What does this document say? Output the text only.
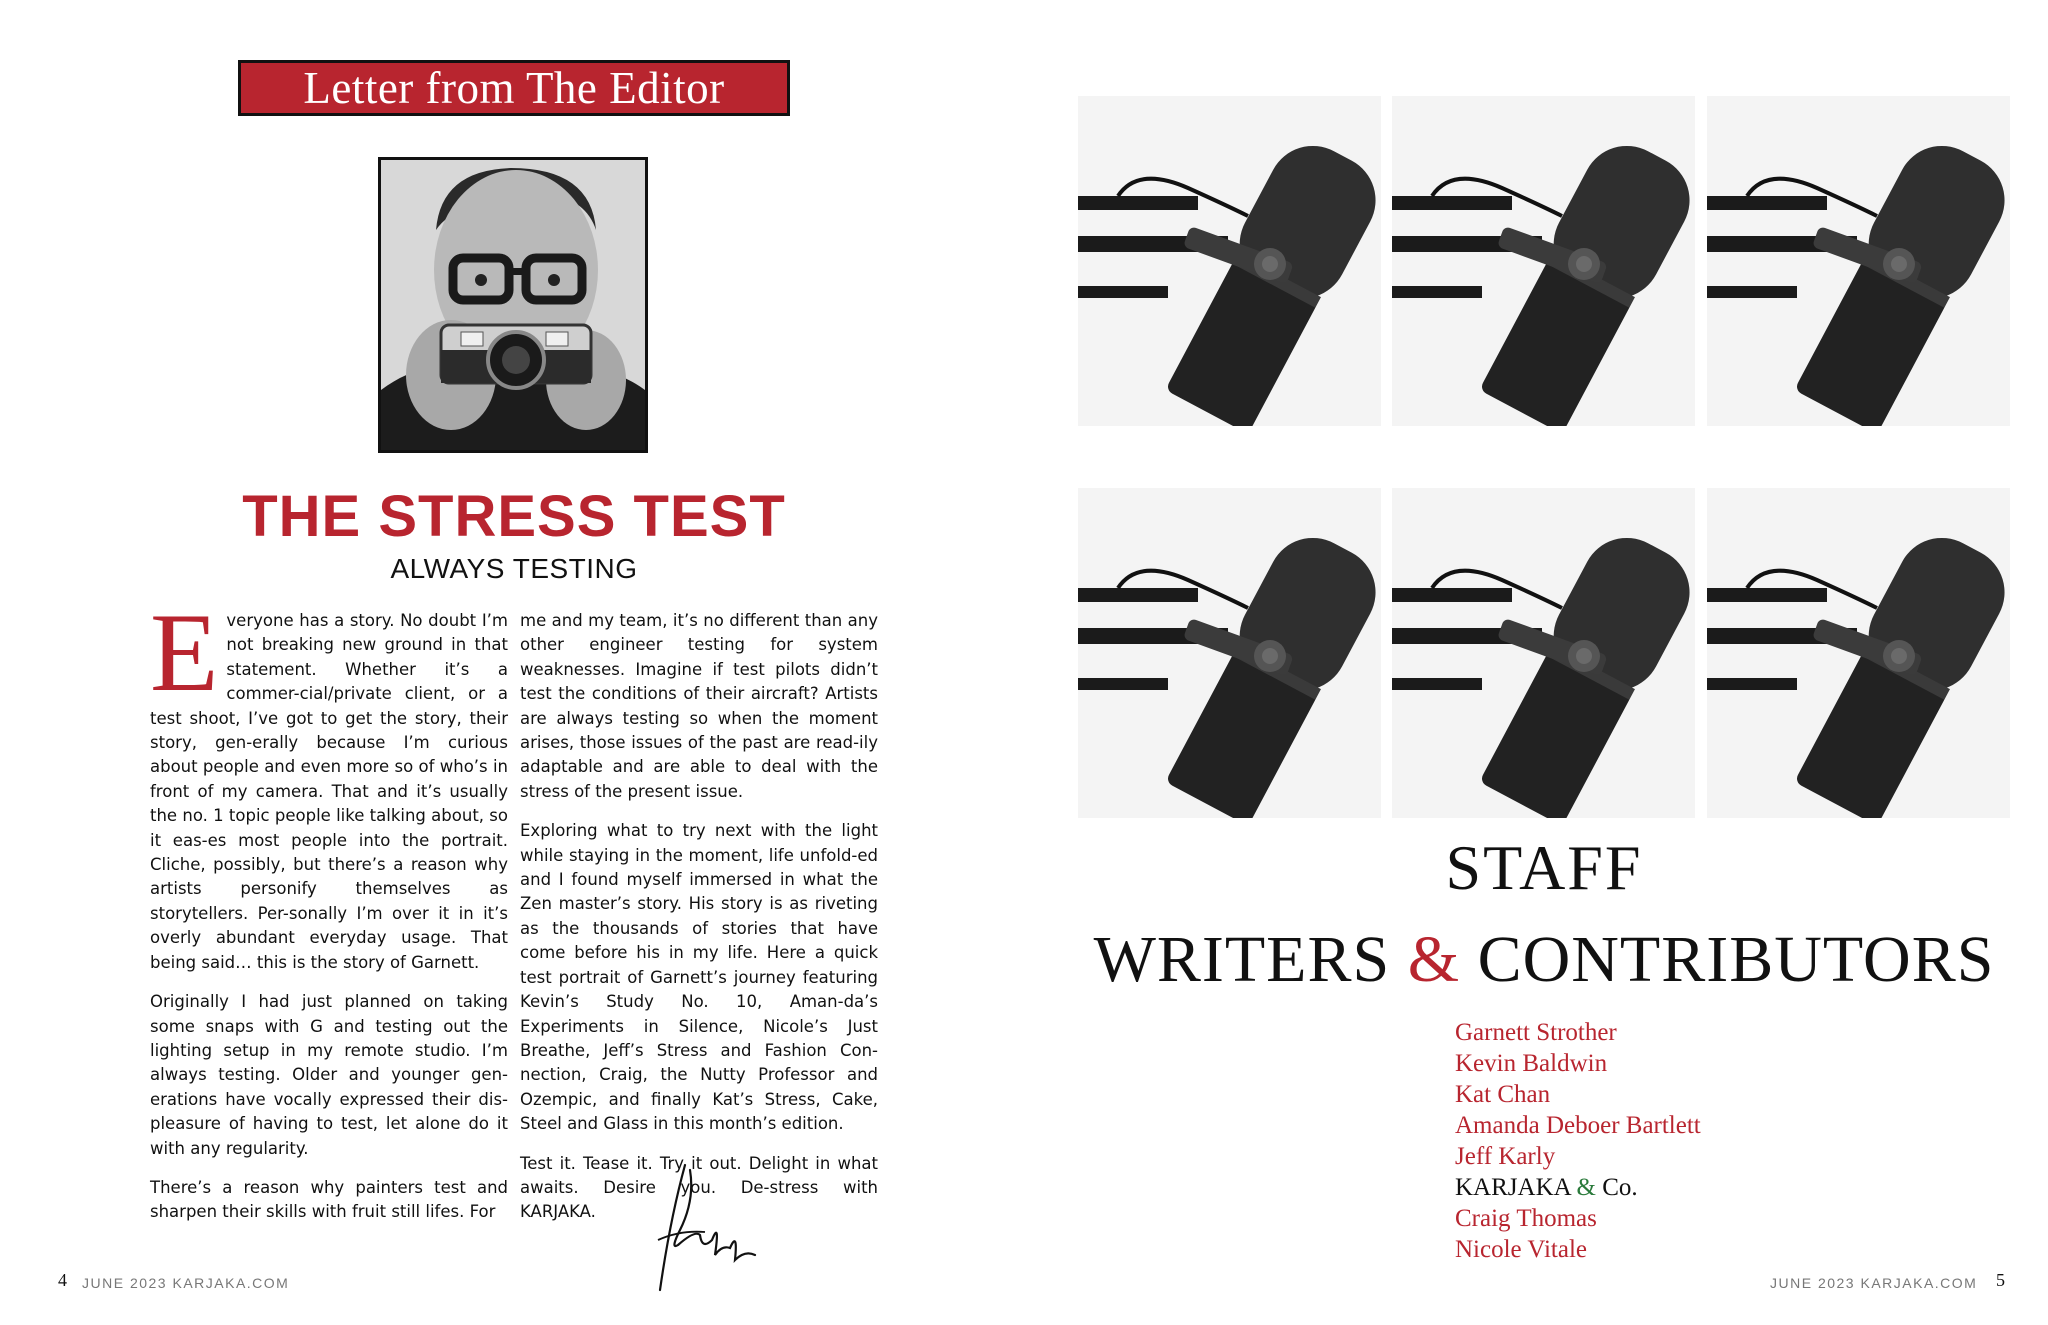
Letter from The Editor
THE STRESS TEST
ALWAYS TESTING

Everyone has a story. No doubt I’m not breaking new ground in that statement. Whether it’s a commer-cial/private client, or a test shoot, I’ve got to get the story, their story, gen-erally because I’m curious about people and even more so of who’s in front of my camera. That and it’s usually the no. 1 topic people like talking about, so it eas-es most people into the portrait. Cliche, possibly, but there’s a reason why artists personify themselves as storytellers. Per-sonally I’m over it in it’s overly abundant everyday usage. That being said… this is the story of Garnett.

Originally I had just planned on taking some snaps with G and testing out the lighting setup in my remote studio. I’m always testing. Older and younger gen-erations have vocally expressed their dis-pleasure of having to test, let alone do it with any regularity.

There’s a reason why painters test and sharpen their skills with fruit still lifes. For

me and my team, it’s no different than any other engineer testing for system weaknesses. Imagine if test pilots didn’t test the conditions of their aircraft? Artists are always testing so when the moment arises, those issues of the past are read-ily adaptable and are able to deal with the stress of the present issue.

Exploring what to try next with the light while staying in the moment, life unfold-ed and I found myself immersed in what the Zen master’s story. His story is as riveting as the thousands of stories that have come before his in my life. Here a quick test portrait of Garnett’s journey featuring Kevin’s Study No. 10, Aman-da’s Experiments in Silence, Nicole’s Just Breathe, Jeff’s Stress and Fashion Con-nection, Craig, the Nutty Professor and Ozempic, and finally Kat’s Stress, Cake, Steel and Glass in this month’s edition.

Test it. Tease it. Try it out. Delight in what awaits. Desire you. De-stress with KARJAKA.

4 JUNE 2023 KARJAKA.COM
STAFF
WRITERS & CONTRIBUTORS
Garnett Strother
Kevin Baldwin
Kat Chan
Amanda Deboer Bartlett
Jeff Karly
KARJAKA & Co.
Craig Thomas
Nicole Vitale
JUNE 2023 KARJAKA.COM 5
